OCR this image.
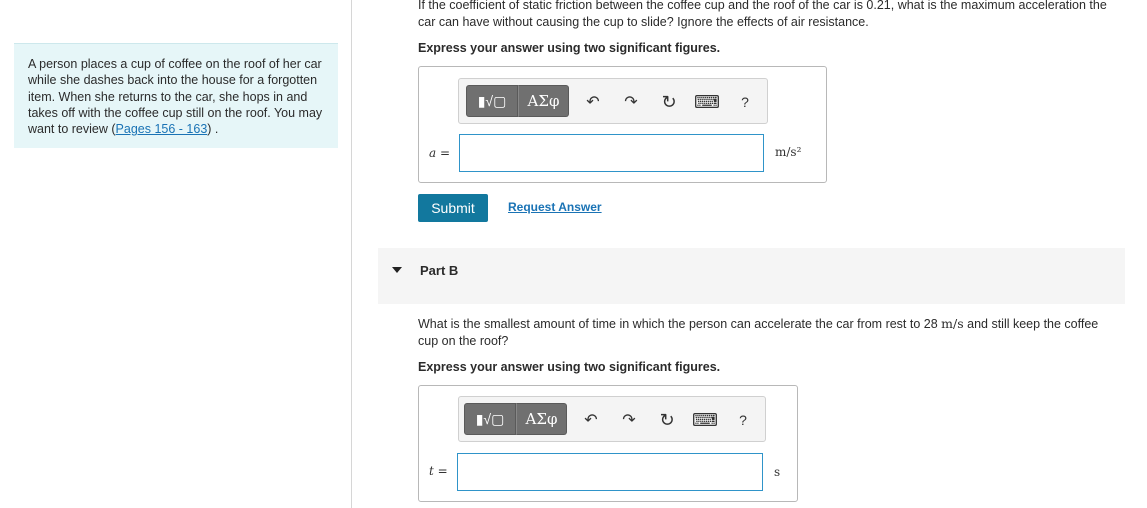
A person places a cup of coffee on the roof of her car while she dashes back into the house for a forgotten item. When she returns to the car, she hops in and takes off with the coffee cup still on the roof. You may want to review (Pages 156 - 163) .
If the coefficient of static friction between the coffee cup and the roof of the car is 0.21, what is the maximum acceleration the car can have without causing the cup to slide? Ignore the effects of air resistance.
Express your answer using two significant figures.
▮√▢	ΑΣφ	↶ ↷ ↻ ⌨	?
a =	m/s²
Submit	Request Answer
Part B
What is the smallest amount of time in which the person can accelerate the car from rest to 28 m/s and still keep the coffee cup on the roof?
Express your answer using two significant figures.
▮√▢	ΑΣφ	↶ ↷ ↻ ⌨	?
t =	s
